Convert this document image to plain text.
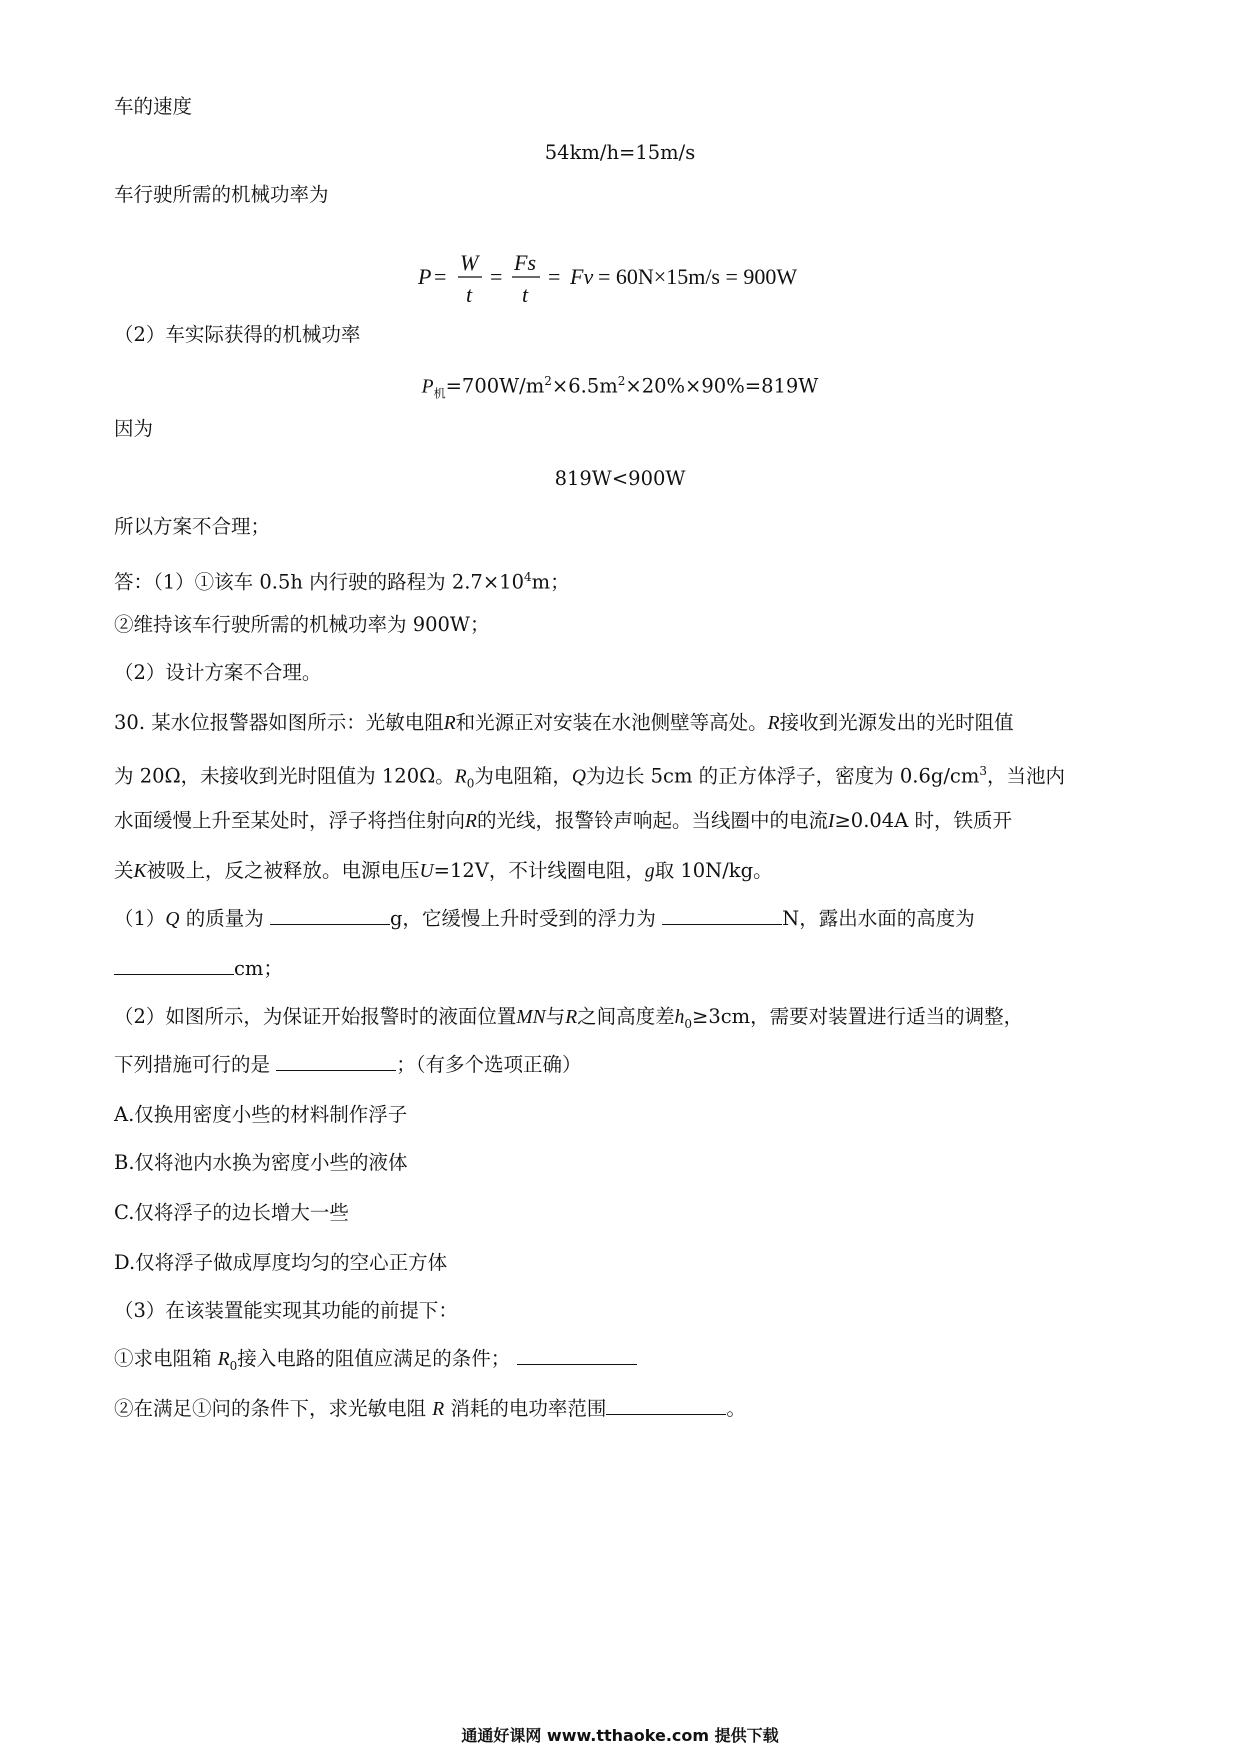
车的速度
54km/h=15m/s
车行驶所需的机械功率为
P =
W
t
=
Fs
t
= Fv = 60N×15m/s = 900W
（2）车实际获得的机械功率
$P_机=700W/m^2\times 6.5m^2\times 20\%\times 90\%=819W$
因为
819W<900W
所以方案不合理；
答：（1）①该车 0.5h 内行驶的路程为 $2.7\times 10^4m$；
②维持该车行驶所需的机械功率为 900W；
（2）设计方案不合理。
30. 某水位报警器如图所示：光敏电阻R和光源正对安装在水池侧壁等高处。R接收到光源发出的光时阻值
为 20Ω，未接收到光时阻值为 120Ω。$R_0$为电阻箱，Q为边长 5cm 的正方体浮子，密度为 $0.6g/cm^3$，当池内
水面缓慢上升至某处时，浮子将挡住射向R的光线，报警铃声响起。当线圈中的电流I≥0.04A 时，铁质开
关K被吸上，反之被释放。电源电压U=12V，不计线圈电阻，g取 10N/kg。
（1）Q 的质量为	g，它缓慢上升时受到的浮力为	N，露出水面的高度为
cm；
（2）如图所示，为保证开始报警时的液面位置MN与R之间高度差$h_0\ge 3cm$，需要对装置进行适当的调整，
下列措施可行的是	；（有多个选项正确）
A.仅换用密度小些的材料制作浮子
B.仅将池内水换为密度小些的液体
C.仅将浮子的边长增大一些
D.仅将浮子做成厚度均匀的空心正方体
（3）在该装置能实现其功能的前提下：
①求电阻箱 $R_0$接入电路的阻值应满足的条件；
②在满足①问的条件下，求光敏电阻 R 消耗的电功率范围	。
通通好课网 www.tthaoke.com 提供下载
